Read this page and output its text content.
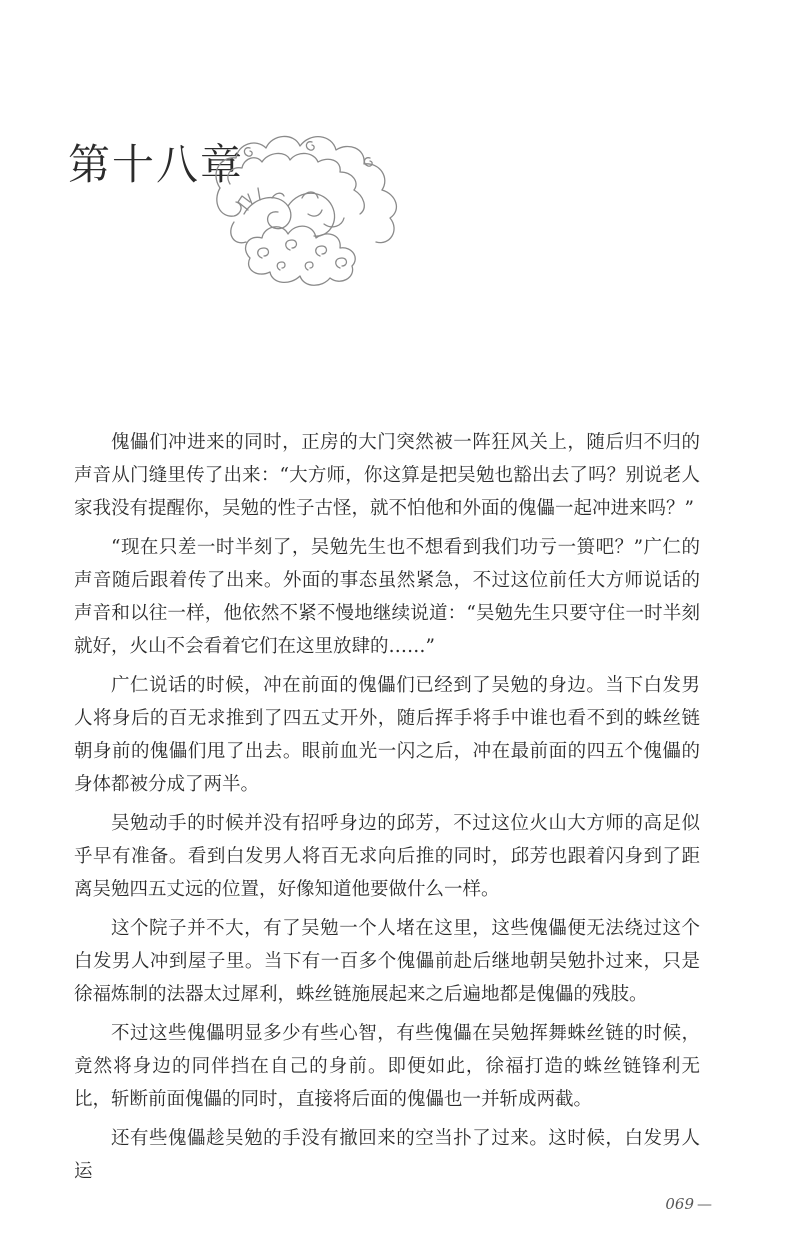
第十八章

傀儡们冲进来的同时，正房的大门突然被一阵狂风关上，随后归不归的声音从门缝里传了出来：“大方师，你这算是把吴勉也豁出去了吗？别说老人家我没有提醒你，吴勉的性子古怪，就不怕他和外面的傀儡一起冲进来吗？”

“现在只差一时半刻了，吴勉先生也不想看到我们功亏一篑吧？”广仁的声音随后跟着传了出来。外面的事态虽然紧急，不过这位前任大方师说话的声音和以往一样，他依然不紧不慢地继续说道：“吴勉先生只要守住一时半刻就好，火山不会看着它们在这里放肆的……”

广仁说话的时候，冲在前面的傀儡们已经到了吴勉的身边。当下白发男人将身后的百无求推到了四五丈开外，随后挥手将手中谁也看不到的蛛丝链朝身前的傀儡们甩了出去。眼前血光一闪之后，冲在最前面的四五个傀儡的身体都被分成了两半。

吴勉动手的时候并没有招呼身边的邱芳，不过这位火山大方师的高足似乎早有准备。看到白发男人将百无求向后推的同时，邱芳也跟着闪身到了距离吴勉四五丈远的位置，好像知道他要做什么一样。

这个院子并不大，有了吴勉一个人堵在这里，这些傀儡便无法绕过这个白发男人冲到屋子里。当下有一百多个傀儡前赴后继地朝吴勉扑过来，只是徐福炼制的法器太过犀利，蛛丝链施展起来之后遍地都是傀儡的残肢。

不过这些傀儡明显多少有些心智，有些傀儡在吴勉挥舞蛛丝链的时候，竟然将身边的同伴挡在自己的身前。即便如此，徐福打造的蛛丝链锋利无比，斩断前面傀儡的同时，直接将后面的傀儡也一并斩成两截。

还有些傀儡趁吴勉的手没有撤回来的空当扑了过来。这时候，白发男人运

069 —
